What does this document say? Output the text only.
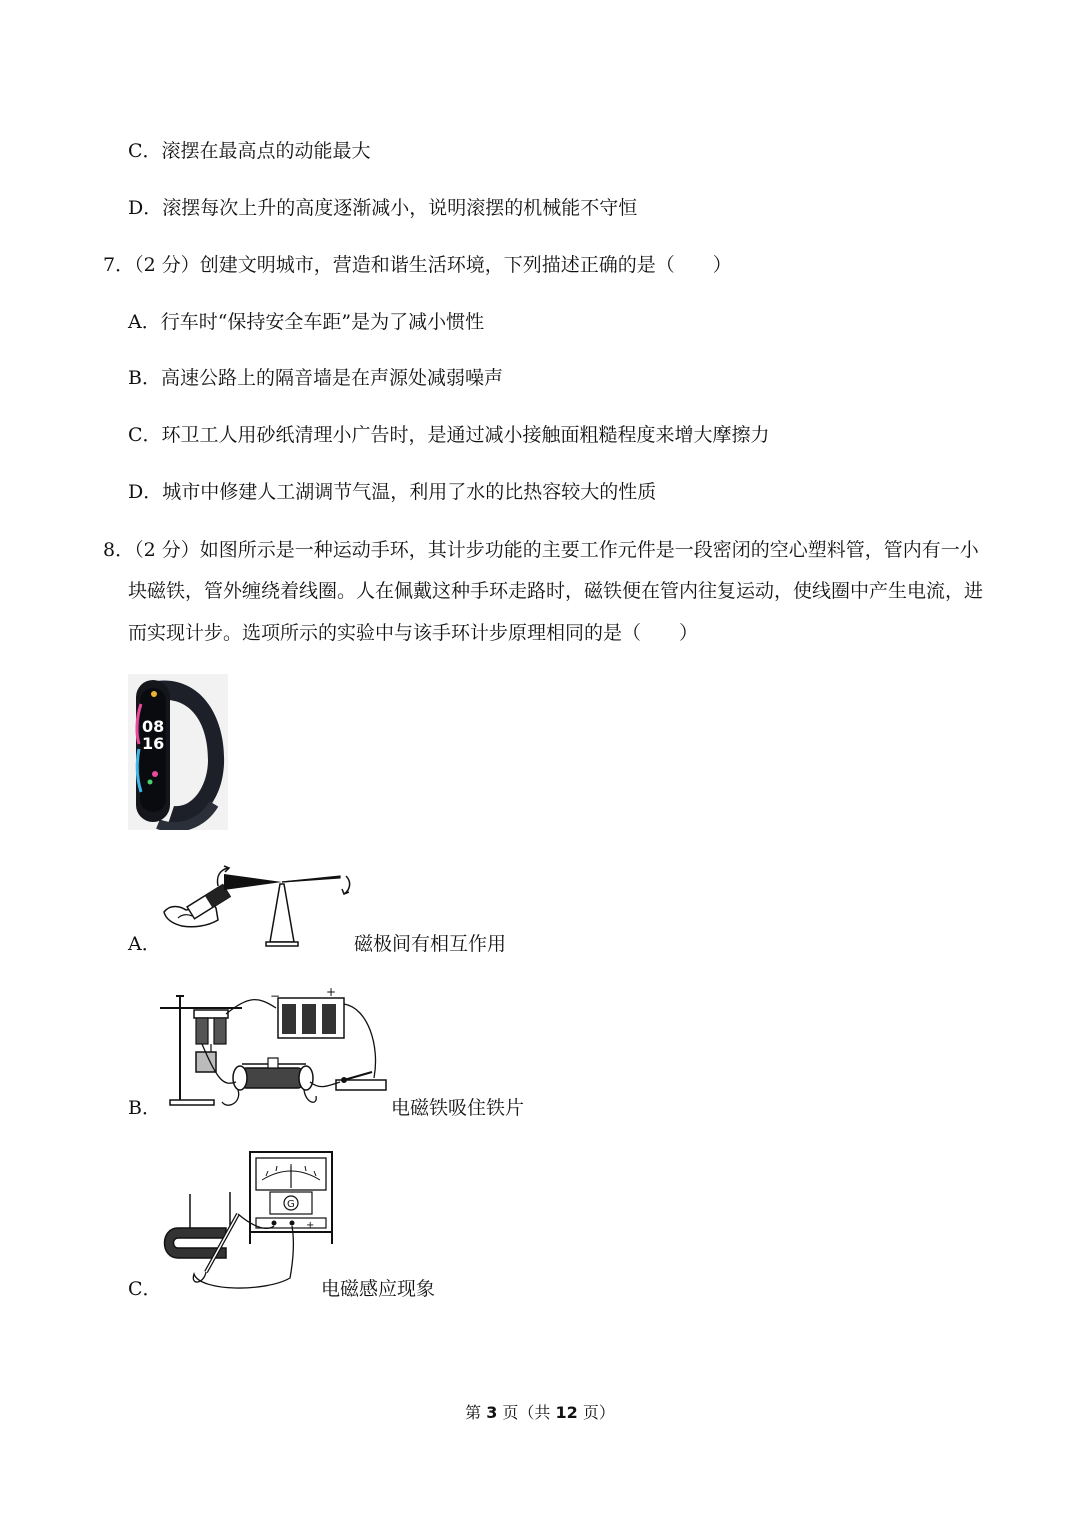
C．滚摆在最高点的动能最大
D．滚摆每次上升的高度逐渐减小，说明滚摆的机械能不守恒
7．（2 分）创建文明城市，营造和谐生活环境，下列描述正确的是（　　）
A．行车时“保持安全车距”是为了减小惯性
B．高速公路上的隔音墙是在声源处减弱噪声
C．环卫工人用砂纸清理小广告时，是通过减小接触面粗糙程度来增大摩擦力
D．城市中修建人工湖调节气温，利用了水的比热容较大的性质
8．（2 分）如图所示是一种运动手环，其计步功能的主要工作元件是一段密闭的空心塑料管，管内有一小
块磁铁，管外缠绕着线圈。人在佩戴这种手环走路时，磁铁便在管内往复运动，使线圈中产生电流，进
而实现计步。选项所示的实验中与该手环计步原理相同的是（　　）
08
16
A．	磁极间有相互作用
B．
−	+
电磁铁吸住铁片
C．
G
+
电磁感应现象
第 3 页（共 12 页）
